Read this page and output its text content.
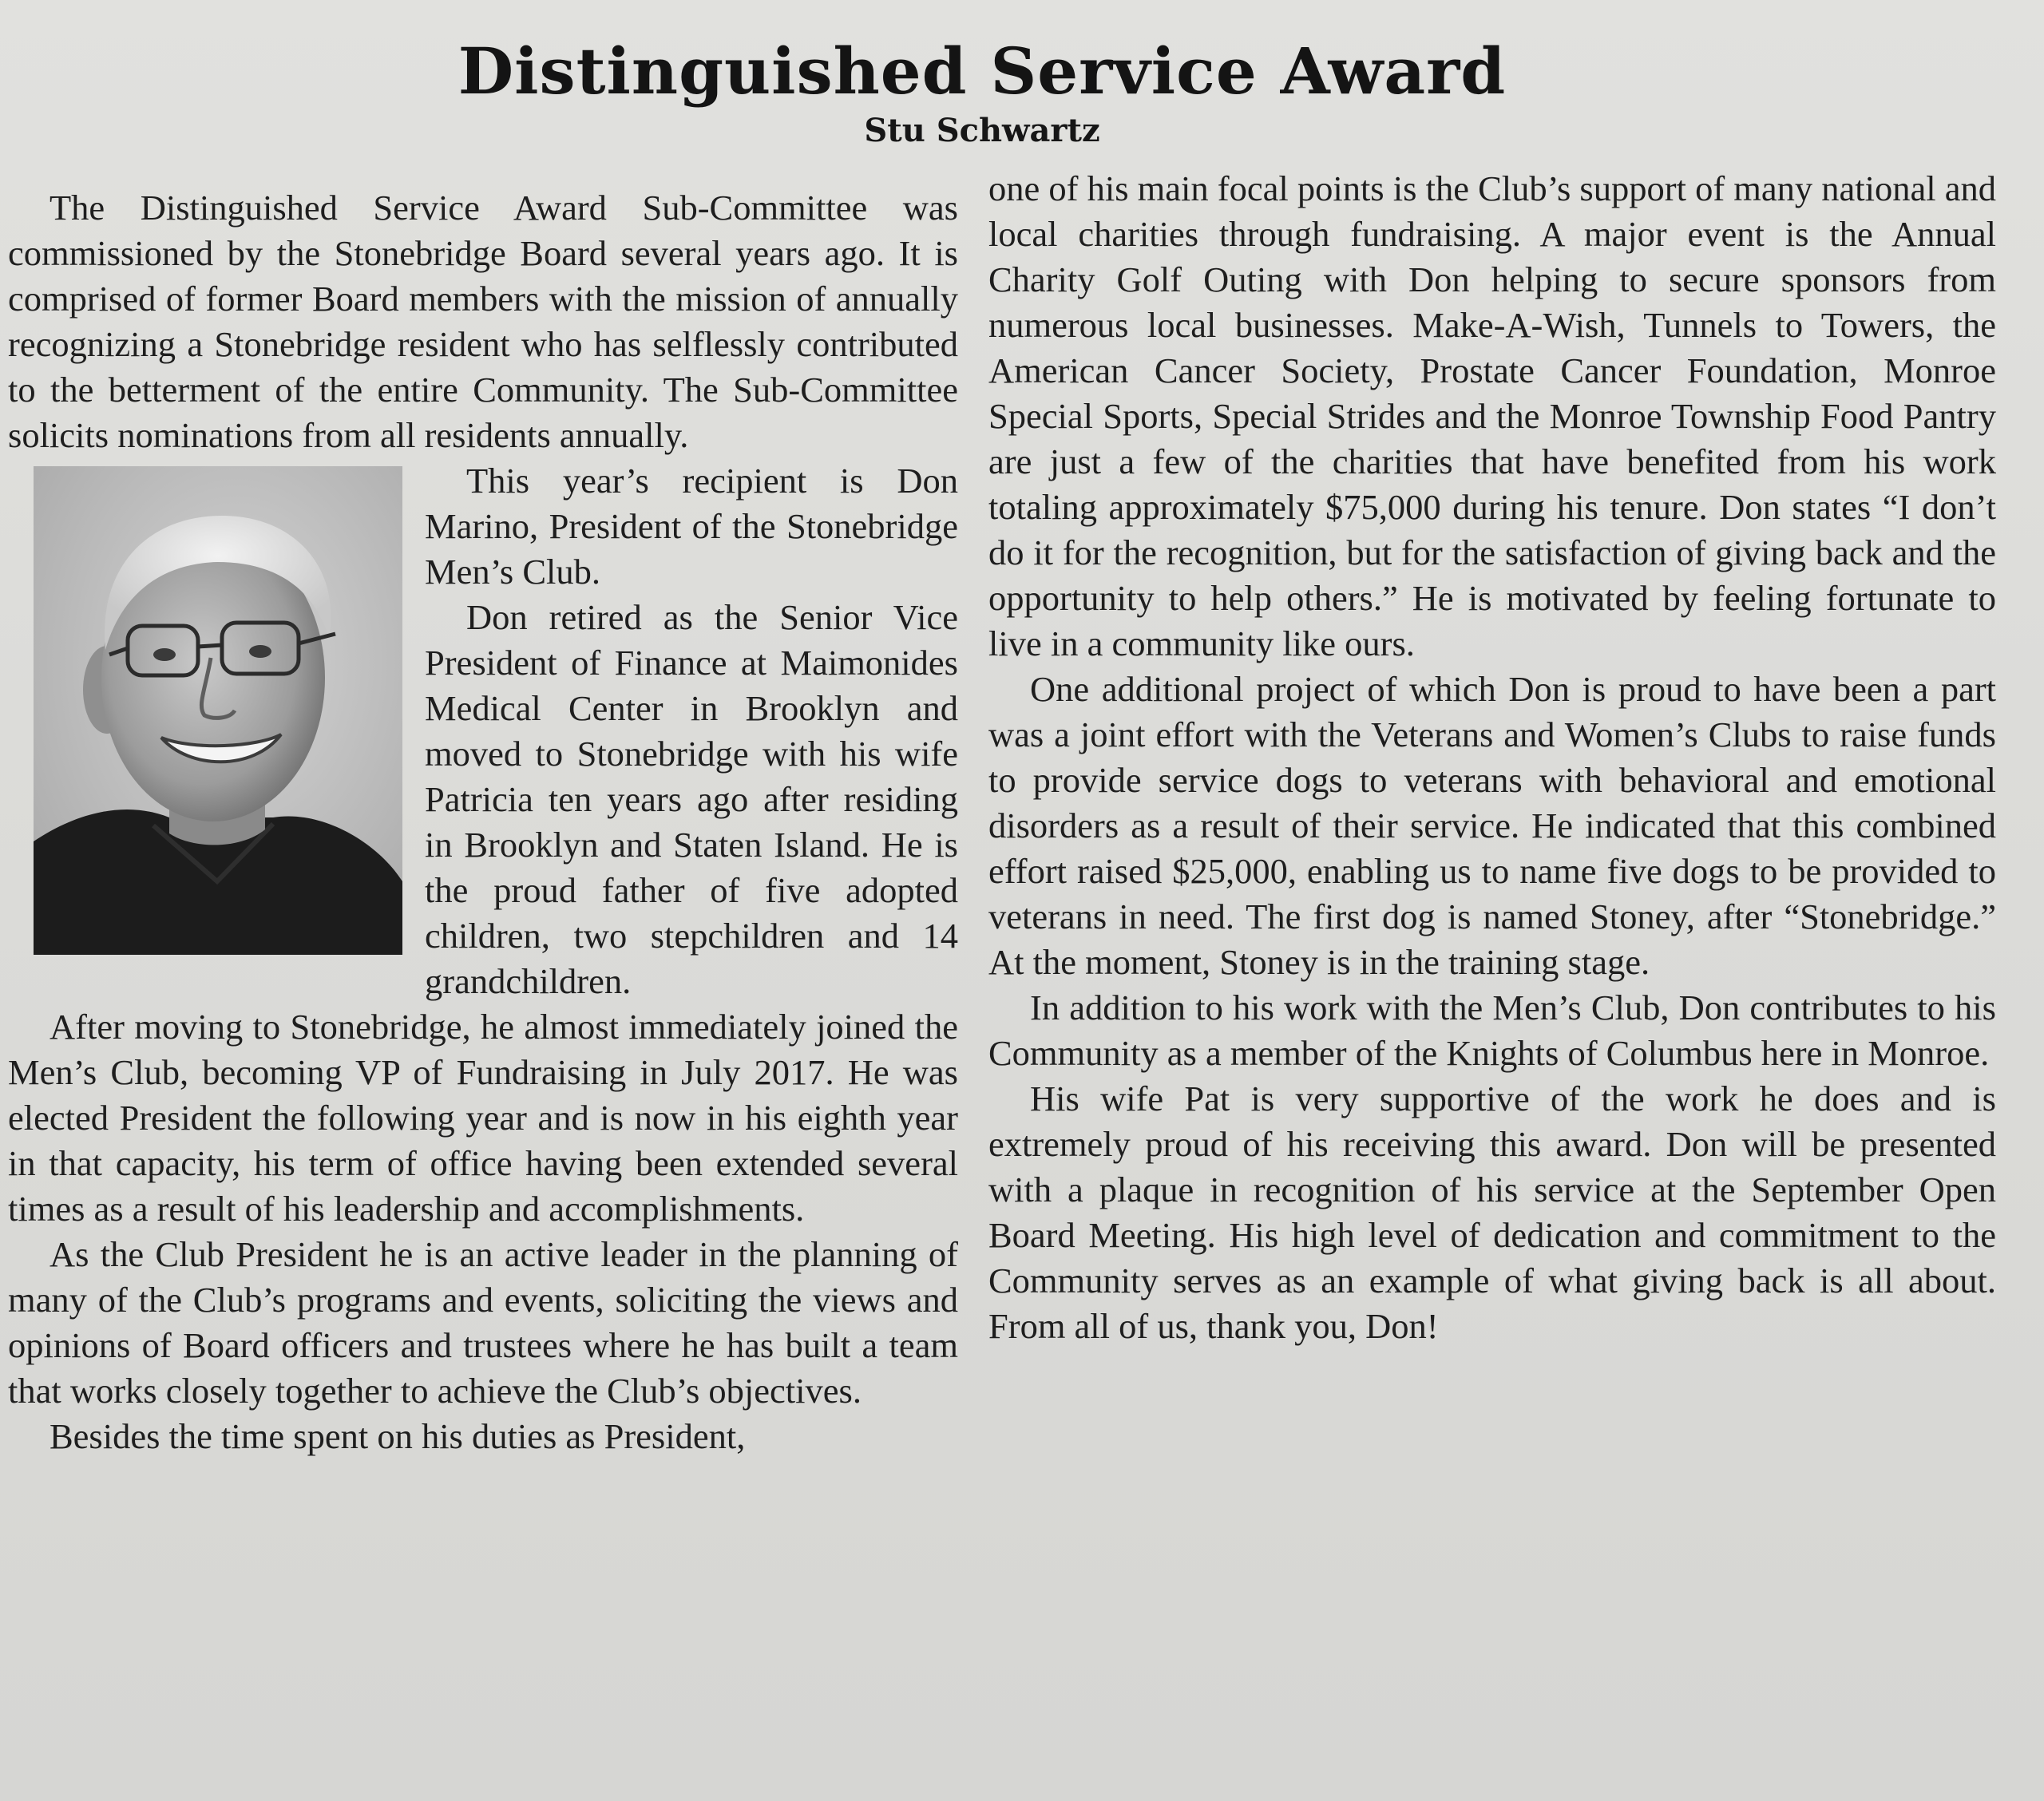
Distinguished Service Award
Stu Schwartz

The Distinguished Service Award Sub-Committee was commissioned by the Stonebridge Board several years ago. It is comprised of former Board members with the mission of annually recognizing a Stonebridge resident who has selflessly contributed to the betterment of the entire Community. The Sub-Committee solicits nominations from all residents annually.

This year’s recipient is Don Marino, President of the Stonebridge Men’s Club.

Don retired as the Senior Vice President of Finance at Maimonides Medical Center in Brooklyn and moved to Stonebridge with his wife Patricia ten years ago after residing in Brooklyn and Staten Island. He is the proud father of five adopted children, two stepchildren and 14 grandchildren.

After moving to Stonebridge, he almost immediately joined the Men’s Club, becoming VP of Fundraising in July 2017. He was elected President the following year and is now in his eighth year in that capacity, his term of office having been extended several times as a result of his leadership and accomplishments.

As the Club President he is an active leader in the planning of many of the Club’s programs and events, soliciting the views and opinions of Board officers and trustees where he has built a team that works closely together to achieve the Club’s objectives.

Besides the time spent on his duties as President,

one of his main focal points is the Club’s support of many national and local charities through fundraising. A major event is the Annual Charity Golf Outing with Don helping to secure sponsors from numerous local businesses. Make-A-Wish, Tunnels to Towers, the American Cancer Society, Prostate Cancer Foundation, Monroe Special Sports, Special Strides and the Monroe Township Food Pantry are just a few of the charities that have benefited from his work totaling approximately $75,000 during his tenure. Don states “I don’t do it for the recognition, but for the satisfaction of giving back and the opportunity to help others.” He is motivated by feeling fortunate to live in a community like ours.

One additional project of which Don is proud to have been a part was a joint effort with the Veterans and Women’s Clubs to raise funds to provide service dogs to veterans with behavioral and emotional disorders as a result of their service. He indicated that this combined effort raised $25,000, enabling us to name five dogs to be provided to veterans in need. The first dog is named Stoney, after “Stonebridge.” At the moment, Stoney is in the training stage.

In addition to his work with the Men’s Club, Don contributes to his Community as a member of the Knights of Columbus here in Monroe.

His wife Pat is very supportive of the work he does and is extremely proud of his receiving this award. Don will be presented with a plaque in recognition of his service at the September Open Board Meeting. His high level of dedication and commitment to the Community serves as an example of what giving back is all about. From all of us, thank you, Don!
